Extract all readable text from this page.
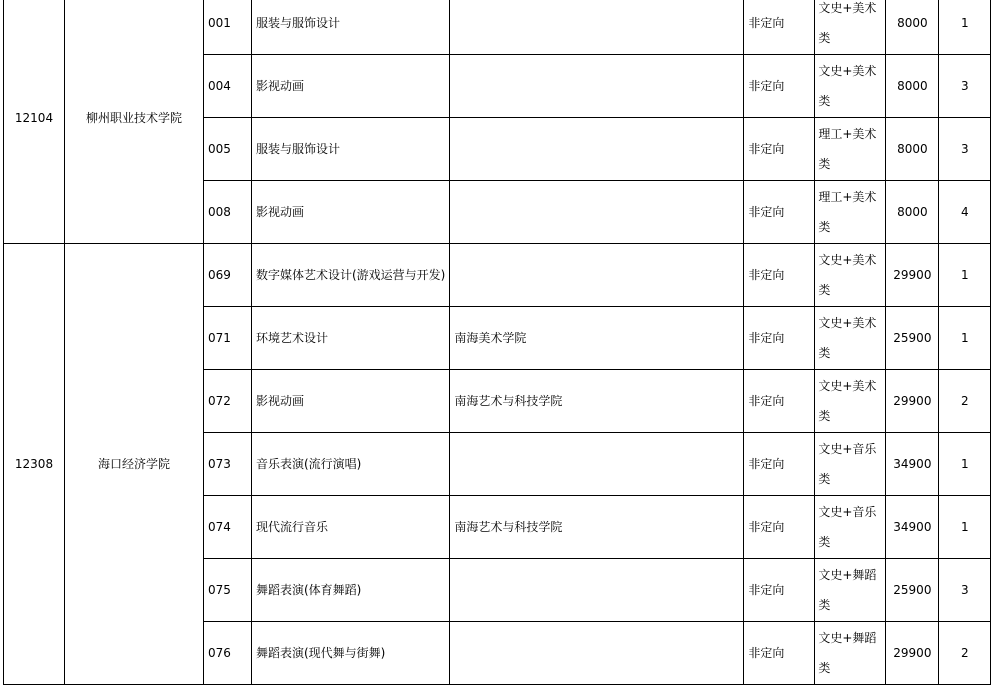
12104	柳州职业技术学院	001	服装与服饰设计		非定向	文史+美术类	8000	1
		004	影视动画		非定向	文史+美术类	8000	3
		005	服装与服饰设计		非定向	理工+美术类	8000	3
		008	影视动画		非定向	理工+美术类	8000	4
12308	海口经济学院	069	数字媒体艺术设计(游戏运营与开发)		非定向	文史+美术类	29900	1
		071	环境艺术设计	南海美术学院	非定向	文史+美术类	25900	1
		072	影视动画	南海艺术与科技学院	非定向	文史+美术类	29900	2
		073	音乐表演(流行演唱)		非定向	文史+音乐类	34900	1
		074	现代流行音乐	南海艺术与科技学院	非定向	文史+音乐类	34900	1
		075	舞蹈表演(体育舞蹈)		非定向	文史+舞蹈类	25900	3
		076	舞蹈表演(现代舞与街舞)		非定向	文史+舞蹈类	29900	2
